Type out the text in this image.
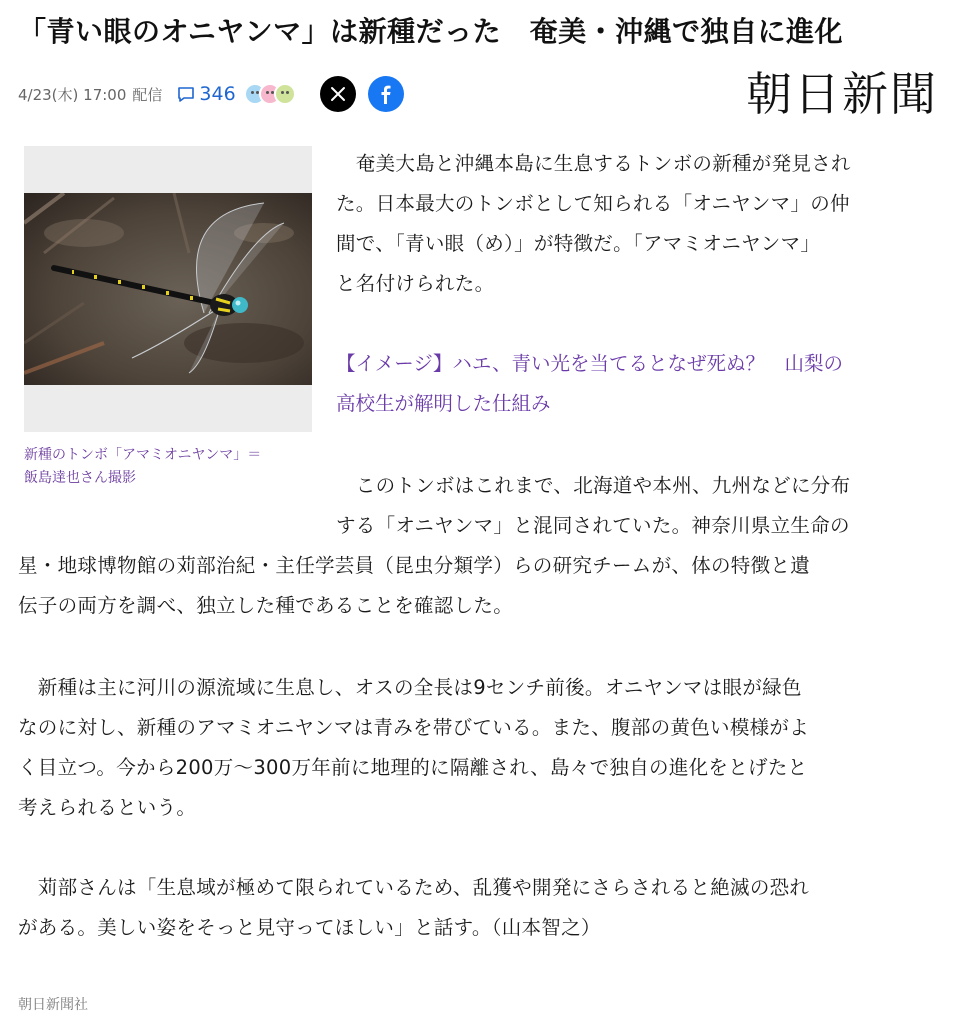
「青い眼のオニヤンマ」は新種だった　奄美・沖縄で独自に進化
4/23(木) 17:00 配信 346	朝日新聞
新種のトンボ「アマミオニヤンマ」＝
飯島達也さん撮影
　奄美大島と沖縄本島に生息するトンボの新種が発見され
た。日本最大のトンボとして知られる「オニヤンマ」の仲
間で、「青い眼（め）」が特徴だ。「アマミオニヤンマ」
と名付けられた。
【イメージ】ハエ、青い光を当てるとなぜ死ぬ？　山梨の
高校生が解明した仕組み
　このトンボはこれまで、北海道や本州、九州などに分布
する「オニヤンマ」と混同されていた。神奈川県立生命の
星・地球博物館の苅部治紀・主任学芸員（昆虫分類学）らの研究チームが、体の特徴と遺
伝子の両方を調べ、独立した種であることを確認した。
　新種は主に河川の源流域に生息し、オスの全長は9センチ前後。オニヤンマは眼が緑色
なのに対し、新種のアマミオニヤンマは青みを帯びている。また、腹部の黄色い模様がよ
く目立つ。今から200万～300万年前に地理的に隔離され、島々で独自の進化をとげたと
考えられるという。
　苅部さんは「生息域が極めて限られているため、乱獲や開発にさらされると絶滅の恐れ
がある。美しい姿をそっと見守ってほしい」と話す。（山本智之）
朝日新聞社
